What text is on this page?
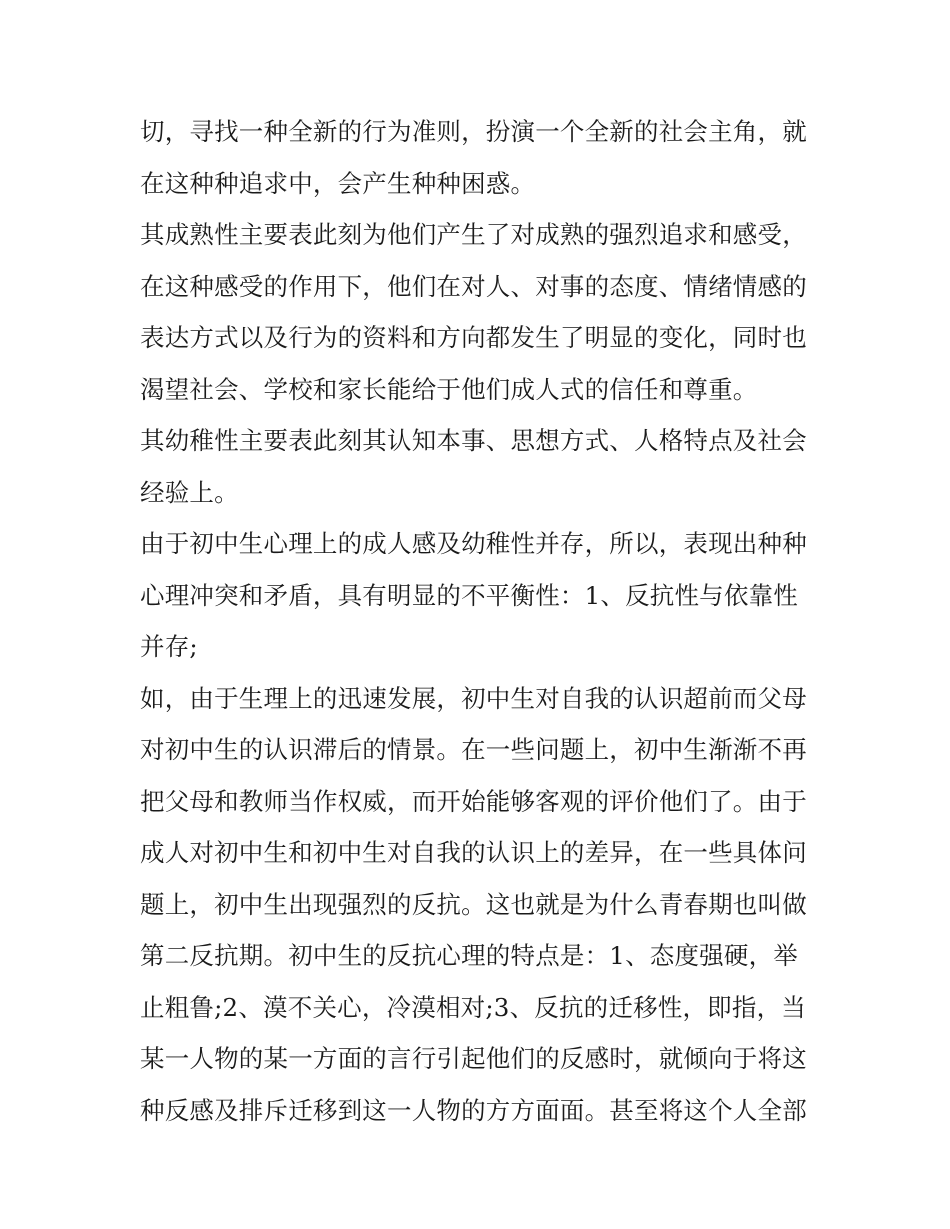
切，寻找一种全新的行为准则，扮演一个全新的社会主角，就
在这种种追求中，会产生种种困惑。
其成熟性主要表此刻为他们产生了对成熟的强烈追求和感受，
在这种感受的作用下，他们在对人、对事的态度、情绪情感的
表达方式以及行为的资料和方向都发生了明显的变化，同时也
渴望社会、学校和家长能给于他们成人式的信任和尊重。
其幼稚性主要表此刻其认知本事、思想方式、人格特点及社会
经验上。
由于初中生心理上的成人感及幼稚性并存，所以，表现出种种
心理冲突和矛盾，具有明显的不平衡性：1、反抗性与依靠性
并存;
如，由于生理上的迅速发展，初中生对自我的认识超前而父母
对初中生的认识滞后的情景。在一些问题上，初中生渐渐不再
把父母和教师当作权威，而开始能够客观的评价他们了。由于
成人对初中生和初中生对自我的认识上的差异，在一些具体问
题上，初中生出现强烈的反抗。这也就是为什么青春期也叫做
第二反抗期。初中生的反抗心理的特点是：1、态度强硬，举
止粗鲁;2、漠不关心，冷漠相对;3、反抗的迁移性，即指，当
某一人物的某一方面的言行引起他们的反感时，就倾向于将这
种反感及排斥迁移到这一人物的方方面面。甚至将这个人全部
